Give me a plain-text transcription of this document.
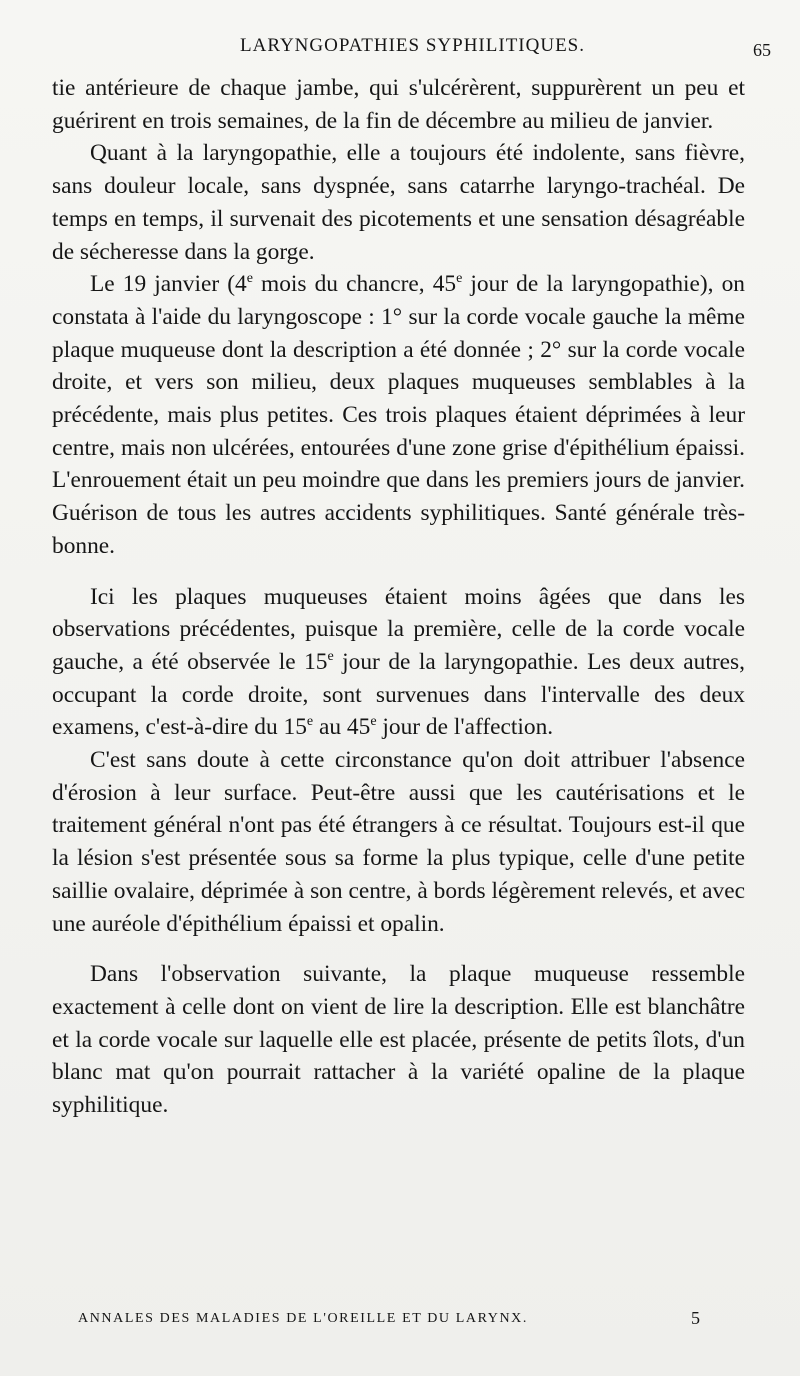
LARYNGOPATHIES SYPHILITIQUES.	65

tie antérieure de chaque jambe, qui s'ulcérèrent, suppurèrent un peu et guérirent en trois semaines, de la fin de décembre au milieu de janvier.

Quant à la laryngopathie, elle a toujours été indolente, sans fièvre, sans douleur locale, sans dyspnée, sans catarrhe laryngo-trachéal. De temps en temps, il survenait des picotements et une sensation désagréable de sécheresse dans la gorge.

Le 19 janvier (4e mois du chancre, 45e jour de la laryngopathie), on constata à l'aide du laryngoscope : 1° sur la corde vocale gauche la même plaque muqueuse dont la description a été donnée ; 2° sur la corde vocale droite, et vers son milieu, deux plaques muqueuses semblables à la précédente, mais plus petites. Ces trois plaques étaient déprimées à leur centre, mais non ulcérées, entourées d'une zone grise d'épithélium épaissi. L'enrouement était un peu moindre que dans les premiers jours de janvier. Guérison de tous les autres accidents syphilitiques. Santé générale très-bonne.

Ici les plaques muqueuses étaient moins âgées que dans les observations précédentes, puisque la première, celle de la corde vocale gauche, a été observée le 15e jour de la laryngopathie. Les deux autres, occupant la corde droite, sont survenues dans l'intervalle des deux examens, c'est-à-dire du 15e au 45e jour de l'affection.

C'est sans doute à cette circonstance qu'on doit attribuer l'absence d'érosion à leur surface. Peut-être aussi que les cautérisations et le traitement général n'ont pas été étrangers à ce résultat. Toujours est-il que la lésion s'est présentée sous sa forme la plus typique, celle d'une petite saillie ovalaire, déprimée à son centre, à bords légèrement relevés, et avec une auréole d'épithélium épaissi et opalin.

Dans l'observation suivante, la plaque muqueuse ressemble exactement à celle dont on vient de lire la description. Elle est blanchâtre et la corde vocale sur laquelle elle est placée, présente de petits îlots, d'un blanc mat qu'on pourrait rattacher à la variété opaline de la plaque syphilitique.

ANNALES DES MALADIES DE L'OREILLE ET DU LARYNX.	5
